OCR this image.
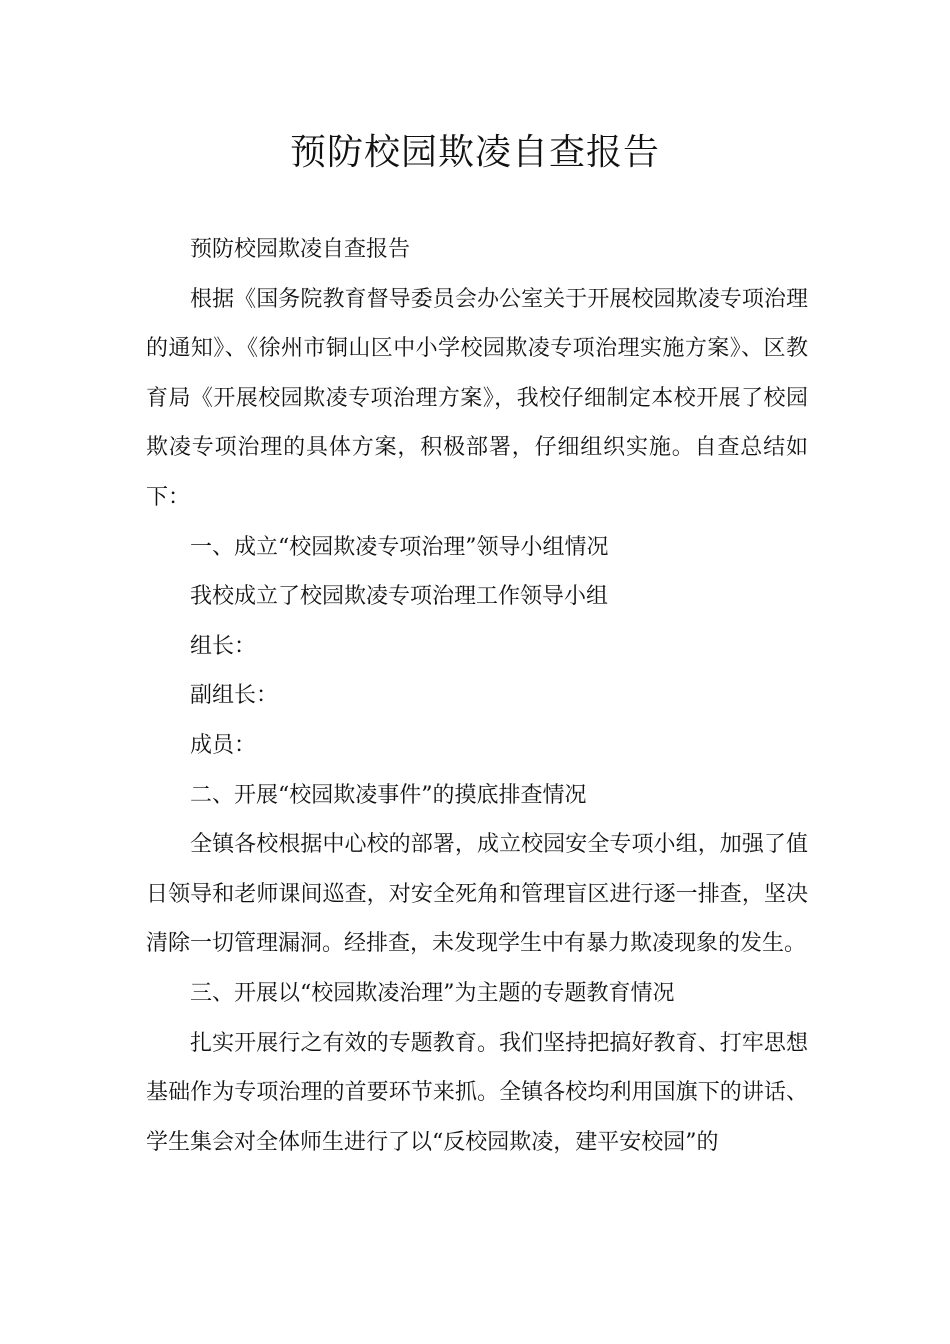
预防校园欺凌自查报告

预防校园欺凌自查报告

根据《国务院教育督导委员会办公室关于开展校园欺凌专项治理的通知》、《徐州市铜山区中小学校园欺凌专项治理实施方案》、区教育局《开展校园欺凌专项治理方案》，我校仔细制定本校开展了校园欺凌专项治理的具体方案，积极部署，仔细组织实施。自查总结如下：

一、成立“校园欺凌专项治理”领导小组情况

我校成立了校园欺凌专项治理工作领导小组

组长：

副组长：

成员：

二、开展“校园欺凌事件”的摸底排查情况

全镇各校根据中心校的部署，成立校园安全专项小组，加强了值日领导和老师课间巡查，对安全死角和管理盲区进行逐一排查，坚决清除一切管理漏洞。经排查，未发现学生中有暴力欺凌现象的发生。

三、开展以“校园欺凌治理”为主题的专题教育情况

扎实开展行之有效的专题教育。我们坚持把搞好教育、打牢思想基础作为专项治理的首要环节来抓。全镇各校均利用国旗下的讲话、学生集会对全体师生进行了以“反校园欺凌，建平安校园”的
